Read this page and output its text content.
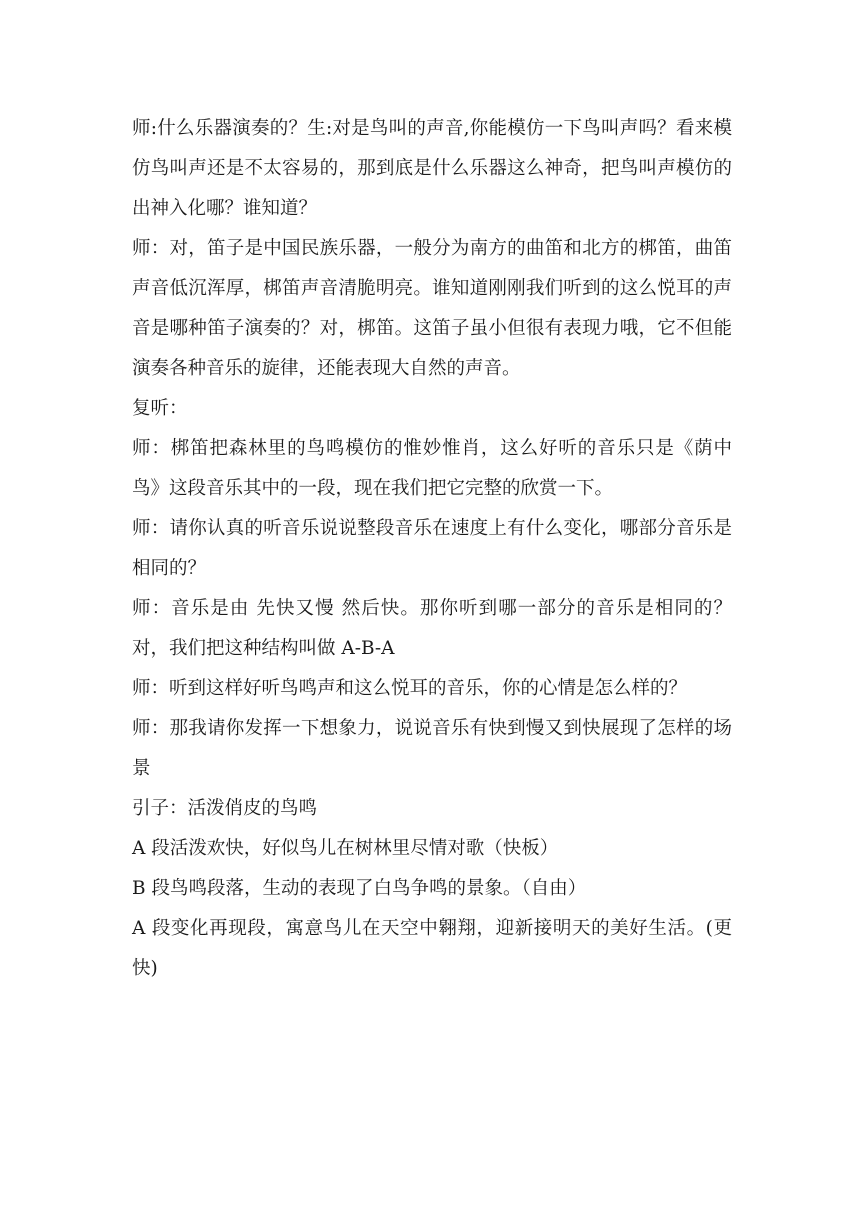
师:什么乐器演奏的？生:对是鸟叫的声音,你能模仿一下鸟叫声吗？看来模仿鸟叫声还是不太容易的，那到底是什么乐器这么神奇，把鸟叫声模仿的出神入化哪？谁知道？

师：对，笛子是中国民族乐器，一般分为南方的曲笛和北方的梆笛，曲笛声音低沉浑厚，梆笛声音清脆明亮。谁知道刚刚我们听到的这么悦耳的声音是哪种笛子演奏的？对，梆笛。这笛子虽小但很有表现力哦，它不但能演奏各种音乐的旋律，还能表现大自然的声音。

复听：

师：梆笛把森林里的鸟鸣模仿的惟妙惟肖，这么好听的音乐只是《荫中鸟》这段音乐其中的一段，现在我们把它完整的欣赏一下。

师：请你认真的听音乐说说整段音乐在速度上有什么变化，哪部分音乐是相同的？

师：音乐是由 先快又慢 然后快。那你听到哪一部分的音乐是相同的？对，我们把这种结构叫做 A-B-A

师：听到这样好听鸟鸣声和这么悦耳的音乐，你的心情是怎么样的？

师：那我请你发挥一下想象力，说说音乐有快到慢又到快展现了怎样的场景

引子：活泼俏皮的鸟鸣

A 段活泼欢快，好似鸟儿在树林里尽情对歌（快板）

B 段鸟鸣段落，生动的表现了白鸟争鸣的景象。（自由）

A 段变化再现段，寓意鸟儿在天空中翱翔，迎新接明天的美好生活。(更快)
